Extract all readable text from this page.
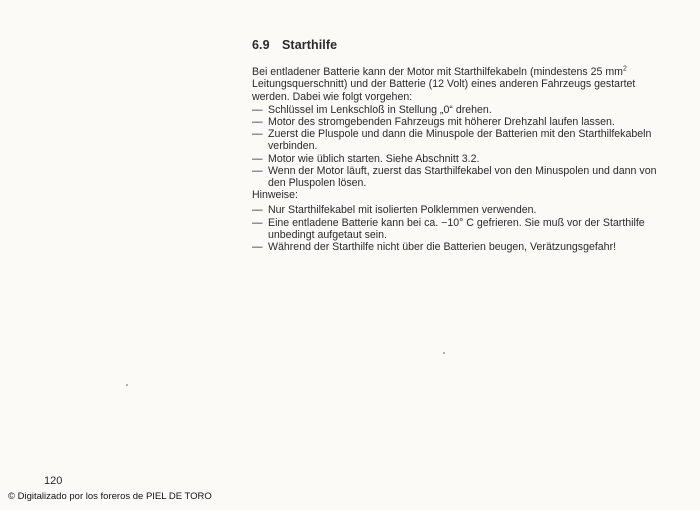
6.9 Starthilfe
Bei entladener Batterie kann der Motor mit Starthilfekabeln (mindestens 25 $mm^2$ Leitungsquerschnitt) und der Batterie (12 Volt) eines anderen Fahrzeugs gestartet werden. Dabei wie folgt vorgehen:
— Schlüssel im Lenkschloß in Stellung „0“ drehen.
— Motor des stromgebenden Fahrzeugs mit höherer Drehzahl laufen lassen.
— Zuerst die Pluspole und dann die Minuspole der Batterien mit den Starthilfekabeln verbinden.
— Motor wie üblich starten. Siehe Abschnitt 3.2.
— Wenn der Motor läuft, zuerst das Starthilfekabel von den Minuspolen und dann von den Pluspolen lösen.
Hinweise:
— Nur Starthilfekabel mit isolierten Polklemmen verwenden.
— Eine entladene Batterie kann bei ca. −10° C gefrieren. Sie muß vor der Starthilfe unbedingt aufgetaut sein.
— Während der Starthilfe nicht über die Batterien beugen, Verätzungsgefahr!
120
© Digitalizado por los foreros de PIEL DE TORO
